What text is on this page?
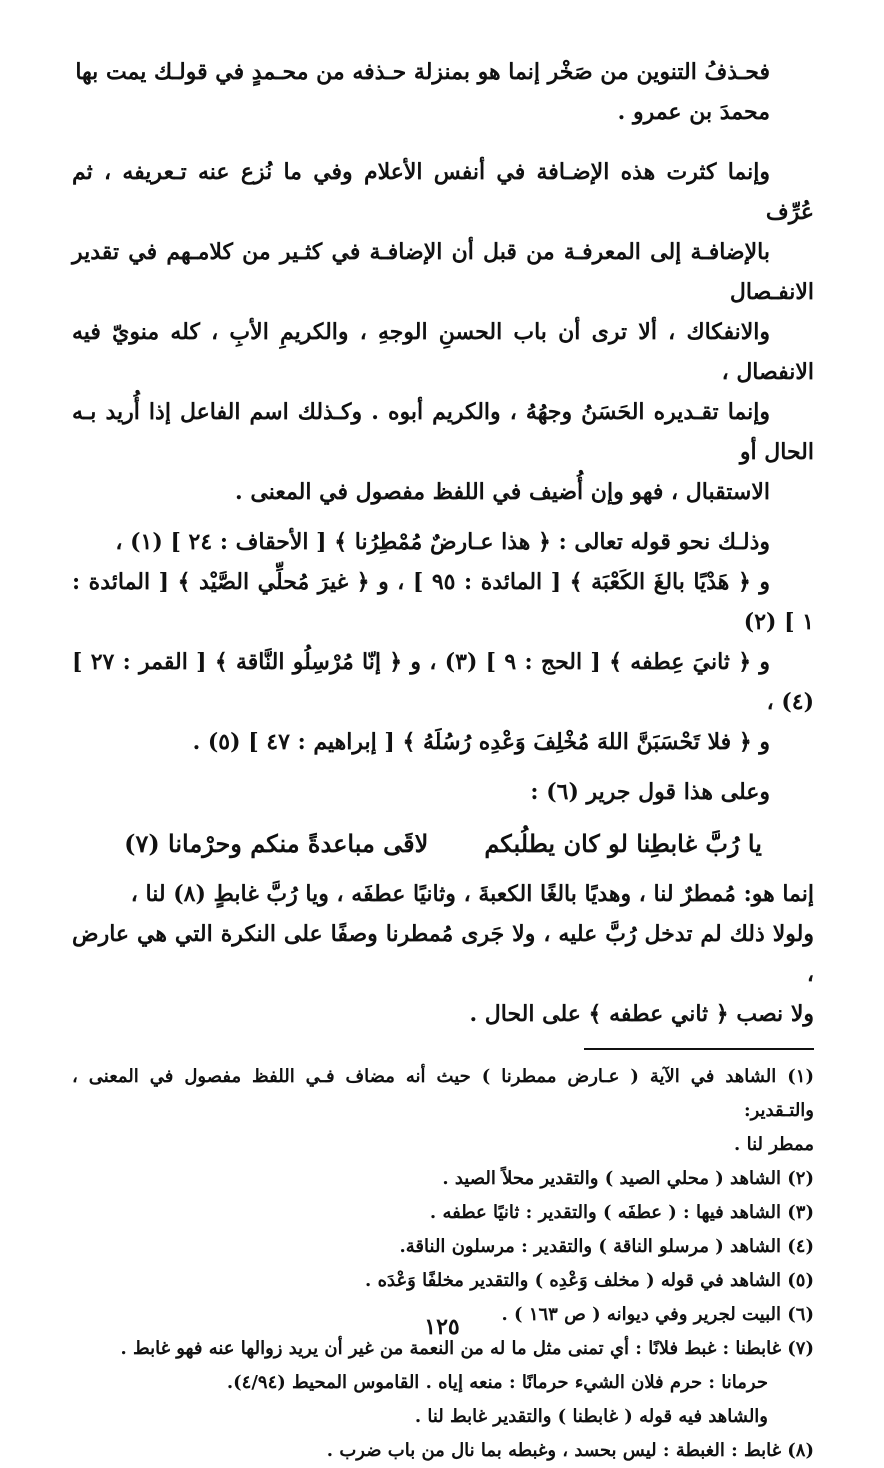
فحـذفُ التنوين من صَخْر إنما هو بمنزلة حـذفه من محـمدٍ في قولـك يمت بها
محمدَ بن عمرو .

وإنما كثرت هذه الإضـافة في أنفس الأعلام وفي ما نُزع عنه تـعريفه ، ثم عُرِّف
بالإضافـة إلى المعرفـة من قبل أن الإضافـة في كثـير من كلامـهم في تقدير الانفـصال
والانفكاك ، ألا ترى أن باب الحسنِ الوجهِ ، والكريمِ الأبِ ، كله منويّ فيه الانفصال ،
وإنما تقـديره الحَسَنُ وجهُهُ ، والكريم أبوه . وكـذلك اسم الفاعل إذا أُريد بـه الحال أو
الاستقبال ، فهو وإن أُضيف في اللفظ مفصول في المعنى .

وذلـك نحو قوله تعالى : ﴿ هذا عـارضٌ مُمْطِرُنا ﴾ [ الأحقاف : ٢٤ ] (١) ،
و ﴿ هَدْيًا بالغَ الكَعْبَة ﴾ [ المائدة : ٩٥ ] ، و ﴿ غيرَ مُحلِّي الصَّيْد ﴾ [ المائدة : ١ ] (٢)
و ﴿ ثانيَ عِطفه ﴾ [ الحج : ٩ ] (٣) ، و ﴿ إنّا مُرْسِلُو النَّاقة ﴾ [ القمر : ٢٧ ] (٤) ،
و ﴿ فلا تَحْسَبَنَّ اللهَ مُخْلِفَ وَعْدِه رُسُلَهُ ﴾ [ إبراهيم : ٤٧ ] (٥) .

وعلى هذا قول جرير (٦) :

يا رُبَّ غابطِنا لو كان يطلُبكم
لاقَى مباعدةً منكم وحرْمانا (٧)

إنما هو: مُمطرٌ لنا ، وهديًا بالغًا الكعبةَ ، وثانيًا عطفَه ، ويا رُبَّ غابطٍ (٨) لنا ،
ولولا ذلك لم تدخل رُبَّ عليه ، ولا جَرى مُمطرنا وصفًا على النكرة التي هي عارض ،
ولا نصب ﴿ ثاني عطفه ﴾ على الحال .

(١) الشاهد في الآية ( عـارض ممطرنا ) حيث أنه مضاف فـي اللفظ مفصول في المعنى ، والتـقدير:

ممطر لنا .

(٢) الشاهد ( محلي الصيد ) والتقدير محلاً الصيد .

(٣) الشاهد فيها : ( عطفَه ) والتقدير : ثانيًا عطفه .

(٤) الشاهد ( مرسلو الناقة ) والتقدير : مرسلون الناقة.

(٥) الشاهد في قوله ( مخلف وَعْدِه ) والتقدير مخلفًا وَعْدَه .

(٦) البيت لجرير وفي ديوانه ( ص ١٦٣ ) .

(٧) غابطنا : غبط فلانًا : أي تمنى مثل ما له من النعمة من غير أن يريد زوالها عنه فهو غابط .

حرمانا : حرم فلان الشيء حرمانًا : منعه إياه . القاموس المحيط (٤/٩٤).

والشاهد فيه قوله ( غابطنا ) والتقدير غابط لنا .

(٨) غابط : الغبطة : ليس بحسد ، وغبطه بما نال من باب ضرب .

١٢٥
